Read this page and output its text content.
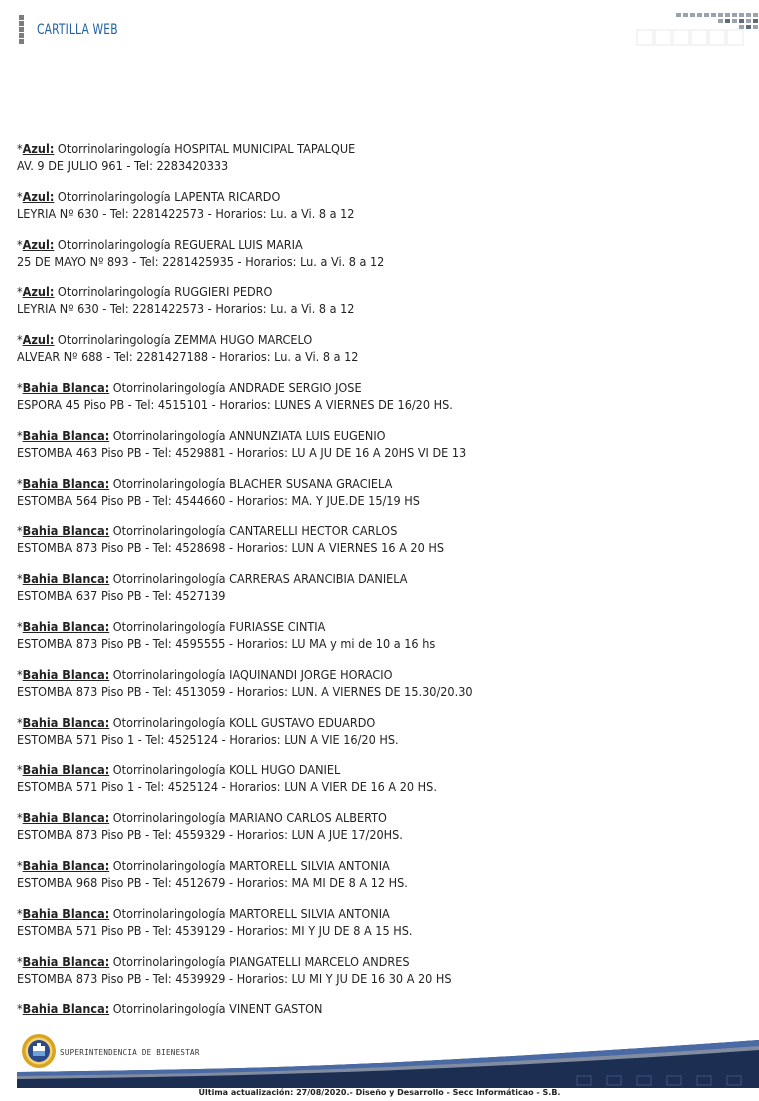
CARTILLA WEB
*Azul: Otorrinolaringología HOSPITAL MUNICIPAL TAPALQUE
AV. 9 DE JULIO 961 - Tel: 2283420333
*Azul: Otorrinolaringología LAPENTA RICARDO
LEYRIA Nº 630 - Tel: 2281422573 - Horarios: Lu. a Vi. 8 a 12
*Azul: Otorrinolaringología REGUERAL LUIS MARIA
25 DE MAYO Nº 893 - Tel: 2281425935 - Horarios: Lu. a Vi. 8 a 12
*Azul: Otorrinolaringología RUGGIERI PEDRO
LEYRIA Nº 630 - Tel: 2281422573 - Horarios: Lu. a Vi. 8 a 12
*Azul: Otorrinolaringología ZEMMA HUGO MARCELO
ALVEAR Nº 688 - Tel: 2281427188 - Horarios: Lu. a Vi. 8 a 12
*Bahia Blanca: Otorrinolaringología ANDRADE SERGIO JOSE
ESPORA 45 Piso PB - Tel: 4515101 - Horarios: LUNES A VIERNES DE 16/20 HS.
*Bahia Blanca: Otorrinolaringología ANNUNZIATA LUIS EUGENIO
ESTOMBA 463 Piso PB - Tel: 4529881 - Horarios: LU A JU DE 16 A 20HS VI DE 13
*Bahia Blanca: Otorrinolaringología BLACHER SUSANA GRACIELA
ESTOMBA 564 Piso PB - Tel: 4544660 - Horarios: MA. Y JUE.DE 15/19 HS
*Bahia Blanca: Otorrinolaringología CANTARELLI HECTOR CARLOS
ESTOMBA 873 Piso PB - Tel: 4528698 - Horarios: LUN A VIERNES 16 A 20 HS
*Bahia Blanca: Otorrinolaringología CARRERAS ARANCIBIA DANIELA
ESTOMBA 637 Piso PB - Tel: 4527139
*Bahia Blanca: Otorrinolaringología FURIASSE CINTIA
ESTOMBA 873 Piso PB - Tel: 4595555 - Horarios: LU MA y mi de 10 a 16 hs
*Bahia Blanca: Otorrinolaringología IAQUINANDI JORGE HORACIO
ESTOMBA 873 Piso PB - Tel: 4513059 - Horarios: LUN. A VIERNES DE 15.30/20.30
*Bahia Blanca: Otorrinolaringología KOLL GUSTAVO EDUARDO
ESTOMBA 571 Piso 1 - Tel: 4525124 - Horarios: LUN A VIE 16/20 HS.
*Bahia Blanca: Otorrinolaringología KOLL HUGO DANIEL
ESTOMBA 571 Piso 1 - Tel: 4525124 - Horarios: LUN A VIER DE 16 A 20 HS.
*Bahia Blanca: Otorrinolaringología MARIANO CARLOS ALBERTO
ESTOMBA 873 Piso PB - Tel: 4559329 - Horarios: LUN A JUE 17/20HS.
*Bahia Blanca: Otorrinolaringología MARTORELL SILVIA ANTONIA
ESTOMBA 968 Piso PB - Tel: 4512679 - Horarios: MA MI DE 8 A 12 HS.
*Bahia Blanca: Otorrinolaringología MARTORELL SILVIA ANTONIA
ESTOMBA 571 Piso PB - Tel: 4539129 - Horarios: MI Y JU DE 8 A 15 HS.
*Bahia Blanca: Otorrinolaringología PIANGATELLI MARCELO ANDRES
ESTOMBA 873 Piso PB - Tel: 4539929 - Horarios: LU MI Y JU DE 16 30 A 20 HS
*Bahia Blanca: Otorrinolaringología VINENT GASTON
SUPERINTENDENCIA DE BIENESTAR
Última actualización: 27/08/2020.- Diseño y Desarrollo - Secc Informáticao - S.B.
